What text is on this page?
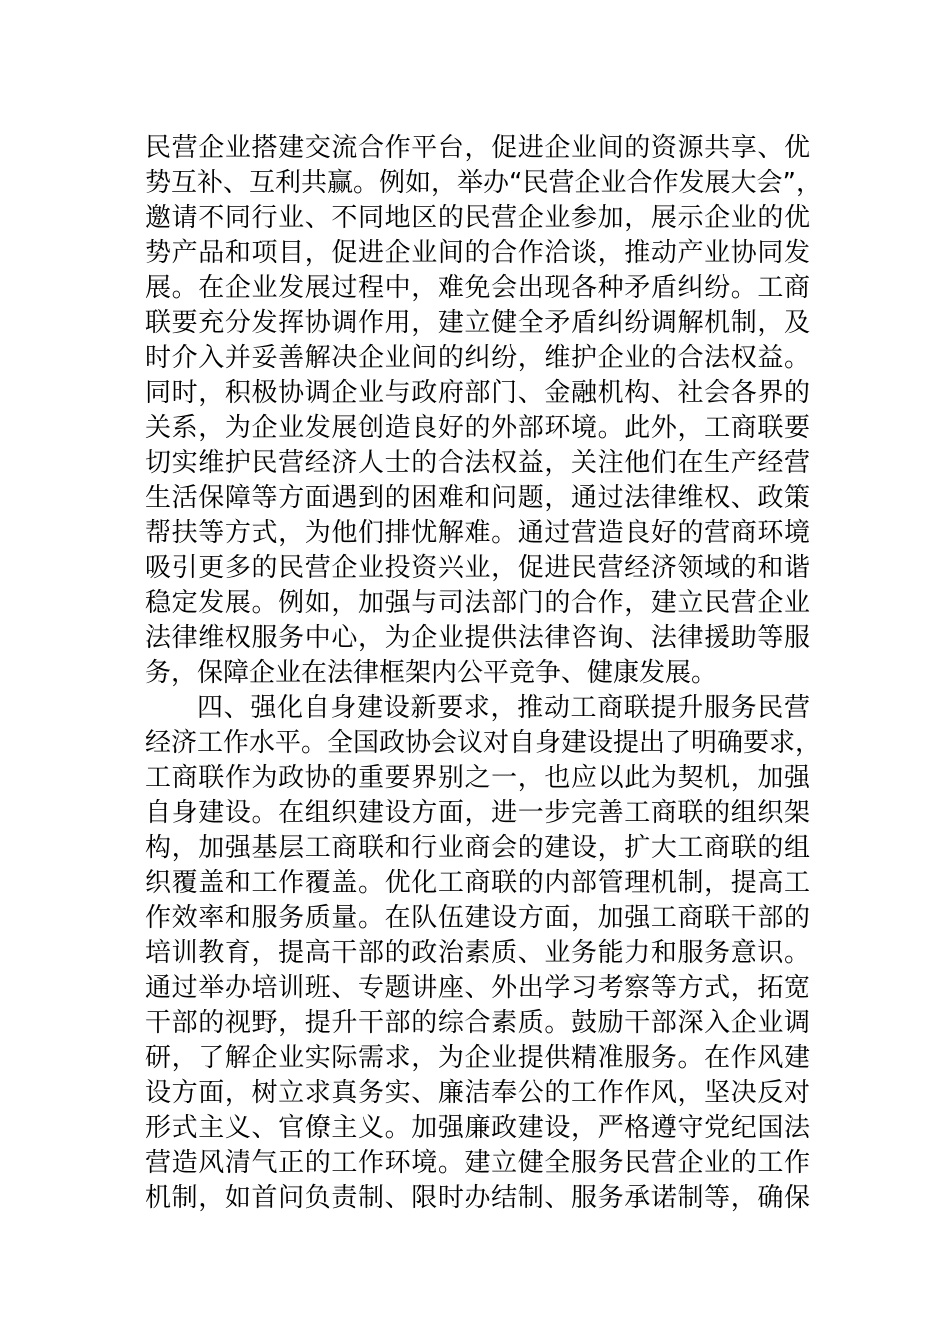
民营企业搭建交流合作平台，促进企业间的资源共享、优
势互补、互利共赢。例如，举办“民营企业合作发展大会”，
邀请不同行业、不同地区的民营企业参加，展示企业的优
势产品和项目，促进企业间的合作洽谈，推动产业协同发
展。在企业发展过程中，难免会出现各种矛盾纠纷。工商
联要充分发挥协调作用，建立健全矛盾纠纷调解机制，及
时介入并妥善解决企业间的纠纷，维护企业的合法权益。
同时，积极协调企业与政府部门、金融机构、社会各界的
关系，为企业发展创造良好的外部环境。此外，工商联要
切实维护民营经济人士的合法权益，关注他们在生产经营
生活保障等方面遇到的困难和问题，通过法律维权、政策
帮扶等方式，为他们排忧解难。通过营造良好的营商环境
吸引更多的民营企业投资兴业，促进民营经济领域的和谐
稳定发展。例如，加强与司法部门的合作，建立民营企业
法律维权服务中心，为企业提供法律咨询、法律援助等服
务，保障企业在法律框架内公平竞争、健康发展。
四、强化自身建设新要求，推动工商联提升服务民营
经济工作水平。全国政协会议对自身建设提出了明确要求，
工商联作为政协的重要界别之一，也应以此为契机，加强
自身建设。在组织建设方面，进一步完善工商联的组织架
构，加强基层工商联和行业商会的建设，扩大工商联的组
织覆盖和工作覆盖。优化工商联的内部管理机制，提高工
作效率和服务质量。在队伍建设方面，加强工商联干部的
培训教育，提高干部的政治素质、业务能力和服务意识。
通过举办培训班、专题讲座、外出学习考察等方式，拓宽
干部的视野，提升干部的综合素质。鼓励干部深入企业调
研，了解企业实际需求，为企业提供精准服务。在作风建
设方面，树立求真务实、廉洁奉公的工作作风，坚决反对
形式主义、官僚主义。加强廉政建设，严格遵守党纪国法
营造风清气正的工作环境。建立健全服务民营企业的工作
机制，如首问负责制、限时办结制、服务承诺制等，确保
